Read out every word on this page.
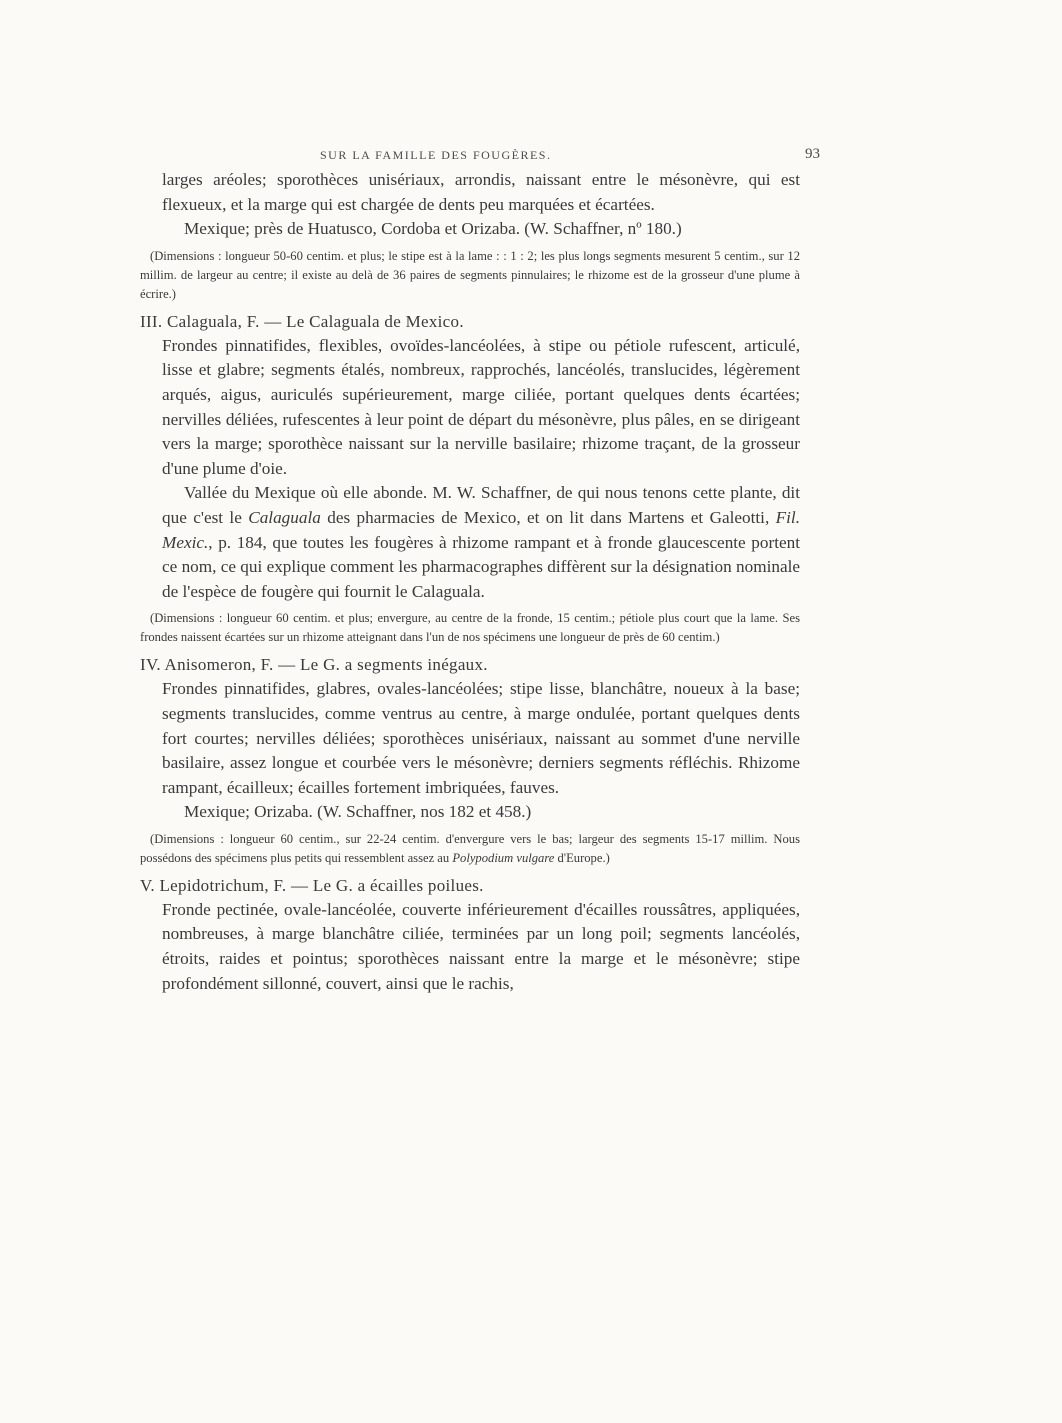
SUR LA FAMILLE DES FOUGÈRES.	93

larges aréoles; sporothèces unisériaux, arrondis, naissant entre le mésonèvre, qui est flexueux, et la marge qui est chargée de dents peu marquées et écartées.

Mexique; près de Huatusco, Cordoba et Orizaba. (W. Schaffner, nº 180.)

(Dimensions : longueur 50-60 centim. et plus; le stipe est à la lame : : 1 : 2; les plus longs segments mesurent 5 centim., sur 12 millim. de largeur au centre; il existe au delà de 36 paires de segments pinnulaires; le rhizome est de la grosseur d'une plume à écrire.)

III. Calaguala, F. — Le Calaguala de Mexico.

Frondes pinnatifides, flexibles, ovoïdes-lancéolées, à stipe ou pétiole rufescent, articulé, lisse et glabre; segments étalés, nombreux, rapprochés, lancéolés, translucides, légèrement arqués, aigus, auriculés supérieurement, marge ciliée, portant quelques dents écartées; nervilles déliées, rufescentes à leur point de départ du mésonèvre, plus pâles, en se dirigeant vers la marge; sporothèce naissant sur la nerville basilaire; rhizome traçant, de la grosseur d'une plume d'oie.

Vallée du Mexique où elle abonde. M. W. Schaffner, de qui nous tenons cette plante, dit que c'est le Calaguala des pharmacies de Mexico, et on lit dans Martens et Galeotti, Fil. Mexic., p. 184, que toutes les fougères à rhizome rampant et à fronde glaucescente portent ce nom, ce qui explique comment les pharmacographes diffèrent sur la désignation nominale de l'espèce de fougère qui fournit le Calaguala.

(Dimensions : longueur 60 centim. et plus; envergure, au centre de la fronde, 15 centim.; pétiole plus court que la lame. Ses frondes naissent écartées sur un rhizome atteignant dans l'un de nos spécimens une longueur de près de 60 centim.)

IV. Anisomeron, F. — Le G. a segments inégaux.

Frondes pinnatifides, glabres, ovales-lancéolées; stipe lisse, blanchâtre, noueux à la base; segments translucides, comme ventrus au centre, à marge ondulée, portant quelques dents fort courtes; nervilles déliées; sporothèces unisériaux, naissant au sommet d'une nerville basilaire, assez longue et courbée vers le mésonèvre; derniers segments réfléchis. Rhizome rampant, écailleux; écailles fortement imbriquées, fauves.

Mexique; Orizaba. (W. Schaffner, nos 182 et 458.)

(Dimensions : longueur 60 centim., sur 22-24 centim. d'envergure vers le bas; largeur des segments 15-17 millim. Nous possédons des spécimens plus petits qui ressemblent assez au Polypodium vulgare d'Europe.)

V. Lepidotrichum, F. — Le G. a écailles poilues.

Fronde pectinée, ovale-lancéolée, couverte inférieurement d'écailles roussâtres, appliquées, nombreuses, à marge blanchâtre ciliée, terminées par un long poil; segments lancéolés, étroits, raides et pointus; sporothèces naissant entre la marge et le mésonèvre; stipe profondément sillonné, couvert, ainsi que le rachis,
